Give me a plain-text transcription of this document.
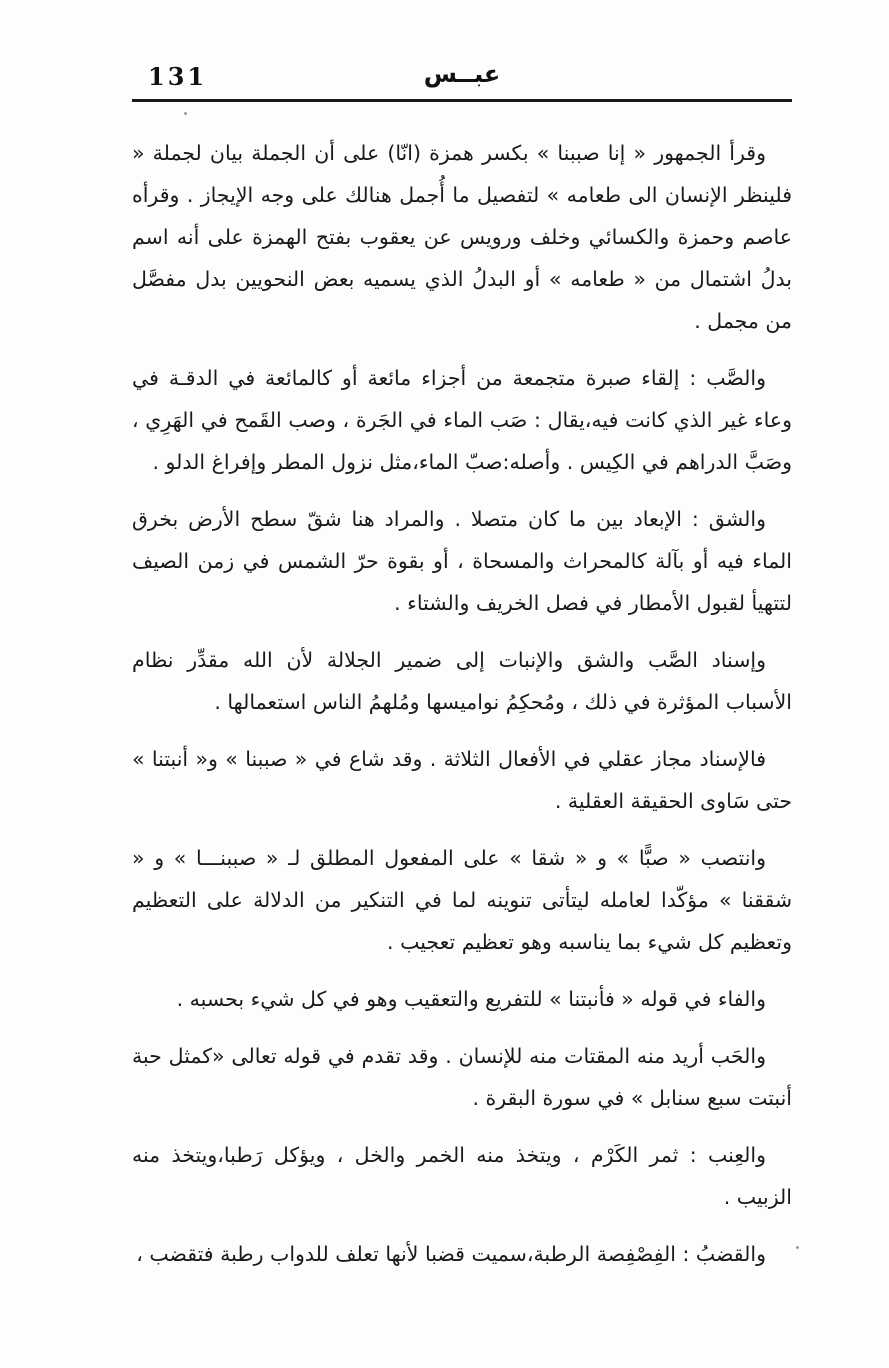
131	عبــس

وقرأ الجمهور « إنا صببنا » بكسر همزة (انّا) على أن الجملة بيان لجملة « فلينظر الإنسان الى طعامه » لتفصيل ما أُجمل هنالك على وجه الإيجاز . وقرأه عاصم وحمزة والكسائي وخلف ورويس عن يعقوب بفتح الهمزة على أنه اسم بدلُ اشتمال من « طعامه » أو البدلُ الذي يسميه بعض النحويين بدل مفصَّل من مجمل .

والصَّب : إلقاء صبرة متجمعة من أجزاء مائعة أو كالمائعة في الدقـة في وعاء غير الذي كانت فيه،يقال : صَب الماء في الجَرة ، وصب القَمح في الهَرِي ، وصَبَّ الدراهم في الكِيس . وأصله:صبّ الماء،مثل نزول المطر وإفراغ الدلو .

والشق : الإبعاد بين ما كان متصلا . والمراد هنا شقّ سطح الأرض بخرق الماء فيه أو بآلة كالمحراث والمسحاة ، أو بقوة حرّ الشمس في زمن الصيف لتتهيأ لقبول الأمطار في فصل الخريف والشتاء .

وإسناد الصَّب والشق والإنبات إلى ضمير الجلالة لأن الله مقدِّر نظام الأسباب المؤثرة في ذلك ، ومُحكِمُ نواميسها ومُلهمُ الناس استعمالها .

فالإسناد مجاز عقلي في الأفعال الثلاثة . وقد شاع في « صببنا » و« أنبتنا » حتى سَاوى الحقيقة العقلية .

وانتصب « صبًّا » و « شقا » على المفعول المطلق لـ « صببنـــا » و « شققنا » مؤكّدا لعامله ليتأتى تنوينه لما في التنكير من الدلالة على التعظيم وتعظيم كل شيء بما يناسبه وهو تعظيم تعجيب .

والفاء في قوله « فأنبتنا » للتفريع والتعقيب وهو في كل شيء بحسبه .

والحَب أريد منه المقتات منه للإنسان . وقد تقدم في قوله تعالى «كمثل حبة أنبتت سبع سنابل » في سورة البقرة .

والعِنب : ثمر الكَرْم ، ويتخذ منه الخمر والخل ، ويؤكل رَطبا،ويتخذ منه الزبيب .

والقضبُ : الفِصْفِصة الرطبة،سميت قضبا لأنها تعلف للدواب رطبة فتقضب ،
